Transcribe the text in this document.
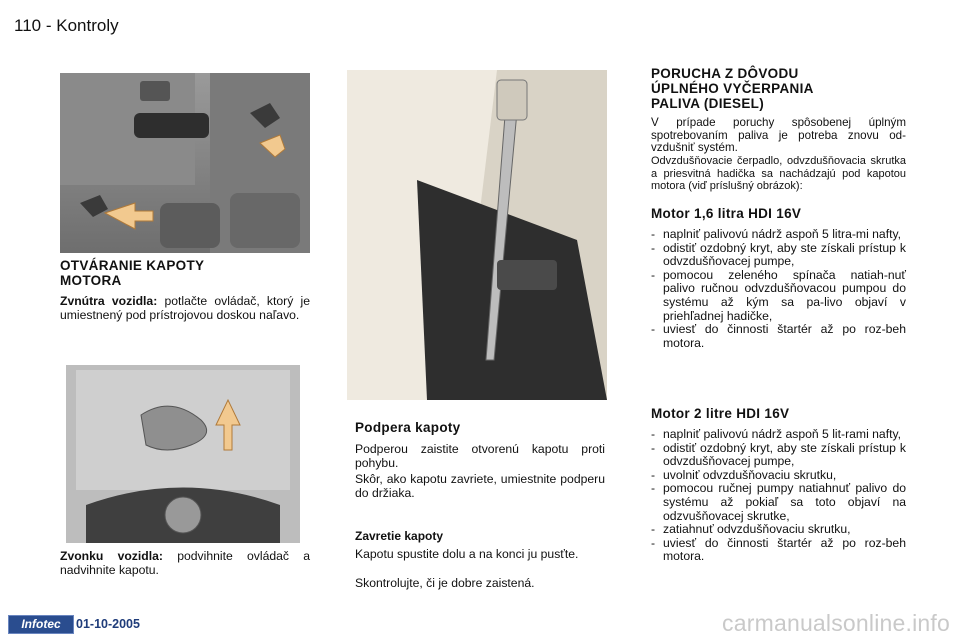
110 - Kontroly
OTVÁRANIE KAPOTY
MOTORA
Zvnútra vozidla: potlačte ovládač, ktorý je umiestnený pod prístrojovou doskou naľavo.
Zvonku vozidla: podvihnite ovládač a nadvihnite kapotu.
Podpera kapoty
Podperou zaistite otvorenú kapotu proti pohybu.
Skôr, ako kapotu zavriete, umiestnite podperu do držiaka.
Zavretie kapoty
Kapotu spustite dolu a na konci ju pusťte.
Skontrolujte, či je dobre zaistená.
PORUCHA Z DÔVODU
ÚPLNÉHO VYČERPANIA
PALIVA (DIESEL)
V prípade poruchy spôsobenej úplným spotrebovaním paliva je potreba znovu od-vzdušniť systém.
Odvzdušňovacie čerpadlo, odvzdušňovacia skrutka a priesvitná hadička sa nachádzajú pod kapotou motora (viď príslušný obrázok):
Motor 1,6 litra HDI 16V
- naplniť palivovú nádrž aspoň 5 litra-mi nafty,
- odistiť ozdobný kryt, aby ste získali prístup k odvzdušňovacej pumpe,
- pomocou zeleného spínača natiah-nuť palivo ručnou odvzdušňovacou pumpou do systému až kým sa pa-livo objaví v priehľadnej hadičke,
- uviesť do činnosti štartér až po roz-beh motora.
Motor 2 litre HDI 16V
- naplniť palivovú nádrž aspoň 5 lit-rami nafty,
- odistiť ozdobný kryt, aby ste získali prístup k odvzdušňovacej pumpe,
- uvolniť odvzdušňovaciu skrutku,
- pomocou ručnej pumpy natiahnuť palivo do systému až pokiaľ sa toto objaví na odzvušňovacej skrutke,
- zatiahnuť odvzdušňovaciu skrutku,
- uviesť do činnosti štartér až po roz-beh motora.
Infotec	01-10-2005	carmanualsonline.info
